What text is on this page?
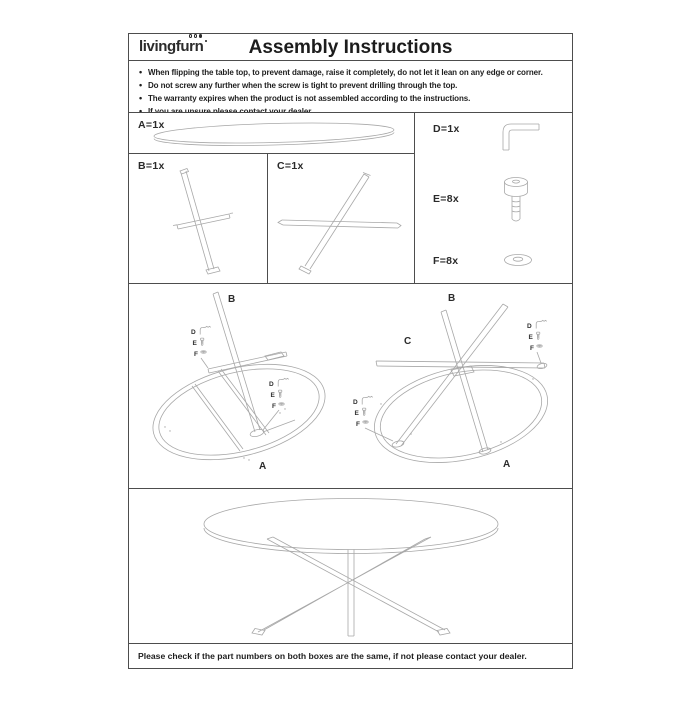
livingfurn	Assembly Instructions
• When flipping the table top, to prevent damage, raise it completely, do not let it lean on any edge or corner.
• Do not screw any further when the screw is tight to prevent drilling through the top.
• The warranty expires when the product is not assembled according to the instructions.
•
A=1x
B=1x	C=1x
D=1x
E=8x
F=8x
B
A
D
E
F
D
E
F
B
C
A
D
E
F
D
E
F
Please check if the part numbers on both boxes are the same, if not please contact your dealer.
